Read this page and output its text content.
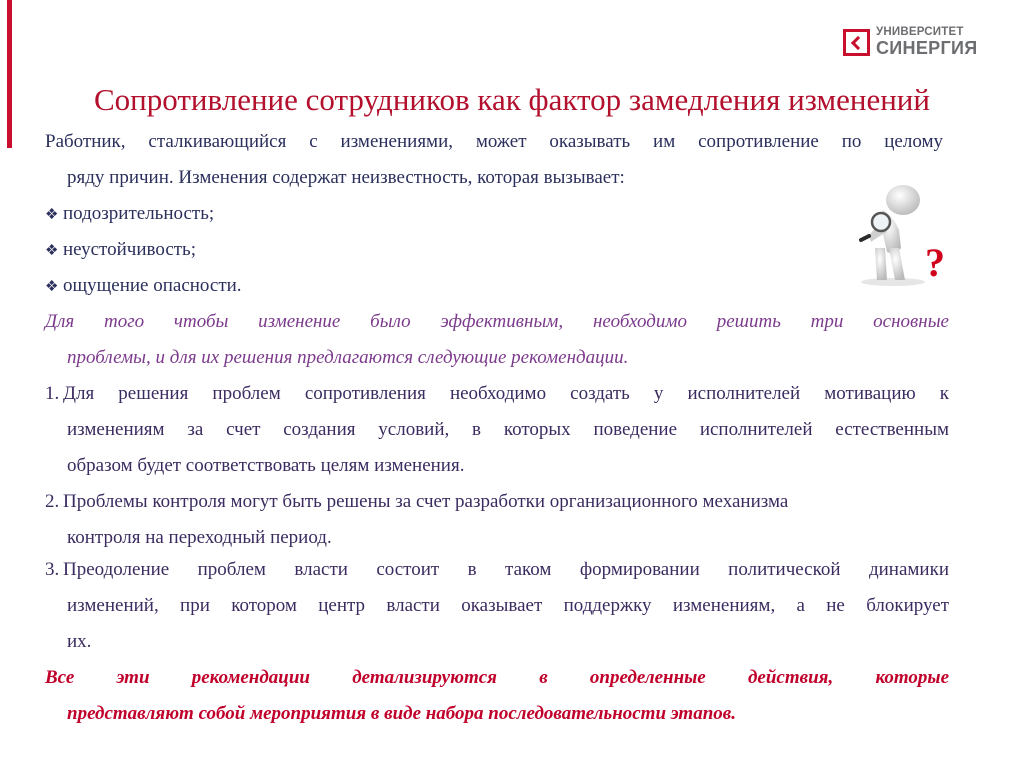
УНИВЕРСИТЕТ
СИНЕРГИЯ
Сопротивление сотрудников как фактор замедления изменений
Работник, сталкивающийся с изменениями, может оказывать им сопротивление по целому
ряду причин. Изменения содержат неизвестность, которая вызывает:
❖ подозрительность;
❖ неустойчивость;
❖ ощущение опасности.
?
Для того чтобы изменение было эффективным, необходимо решить три основные
проблемы, и для их решения предлагаются следующие рекомендации.
1. Для решения проблем сопротивления необходимо создать у исполнителей мотивацию к
изменениям за счет создания условий, в которых поведение исполнителей естественным
образом будет соответствовать целям изменения.
2. Проблемы контроля могут быть решены за счет разработки организационного механизма
контроля на переходный период.
3. Преодоление проблем власти состоит в таком формировании политической динамики
изменений, при котором центр власти оказывает поддержку изменениям, а не блокирует
их.
Все эти рекомендации детализируются в определенные действия, которые
представляют собой мероприятия в виде набора последовательности этапов.
